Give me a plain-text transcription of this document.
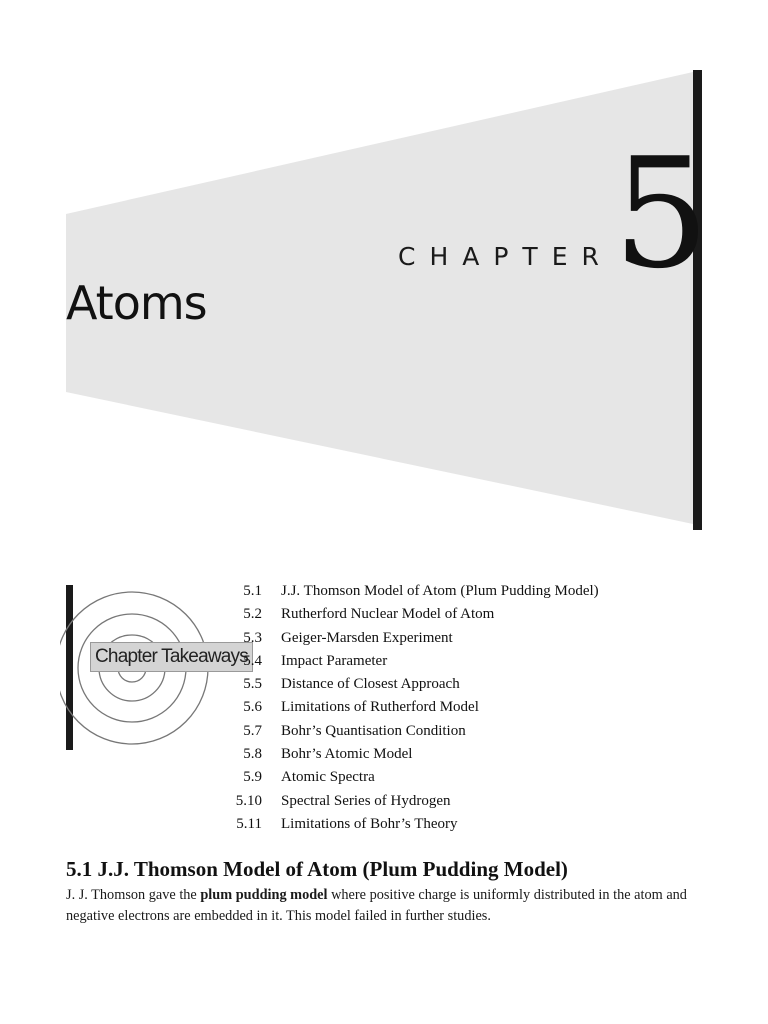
CHAPTER 5
Atoms
Chapter Takeaways
5.1 J.J. Thomson Model of Atom (Plum Pudding Model)
5.2 Rutherford Nuclear Model of Atom
5.3 Geiger-Marsden Experiment
5.4 Impact Parameter
5.5 Distance of Closest Approach
5.6 Limitations of Rutherford Model
5.7 Bohr’s Quantisation Condition
5.8 Bohr’s Atomic Model
5.9 Atomic Spectra
5.10 Spectral Series of Hydrogen
5.11 Limitations of Bohr’s Theory
5.1 J.J. Thomson Model of Atom (Plum Pudding Model)

J. J. Thomson gave the plum pudding model where positive charge is uniformly distributed in the atom and negative electrons are embedded in it. This model failed in further studies.
